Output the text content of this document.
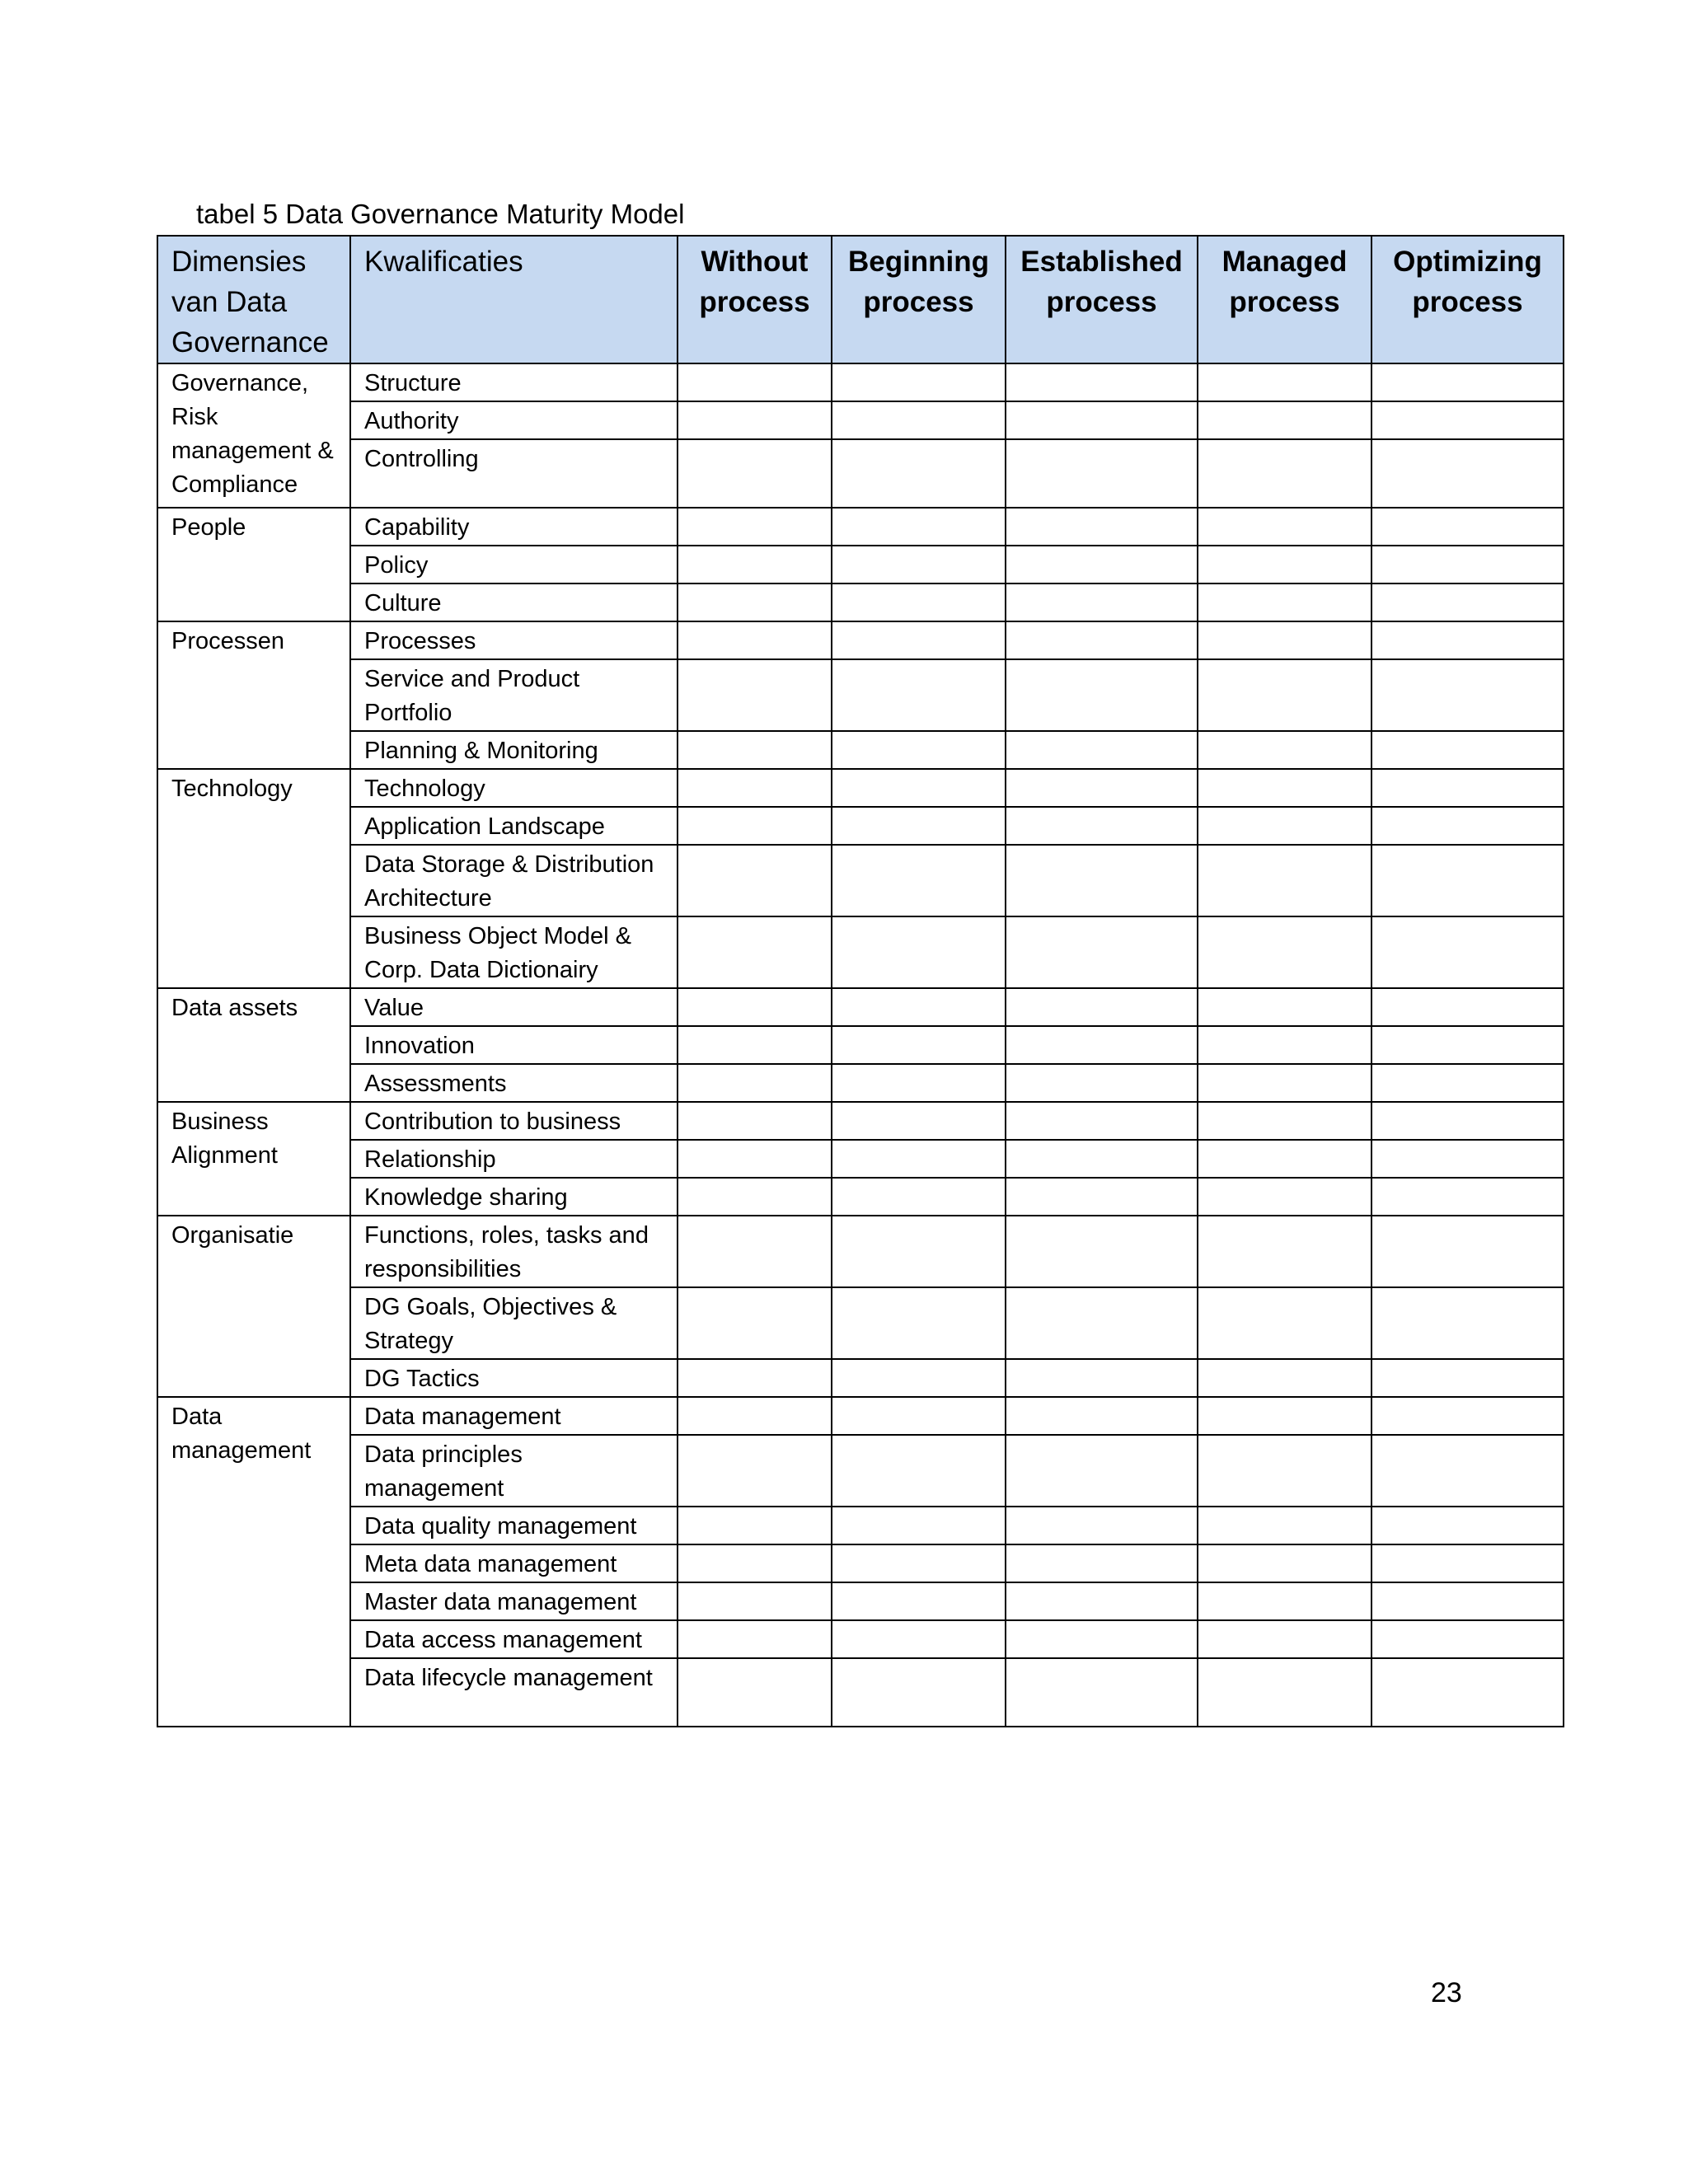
tabel 5 Data Governance Maturity Model
Dimensies van Data Governance	Kwalificaties	Without process	Beginning process	Established process	Managed process	Optimizing process
Governance, Risk management & Compliance	Structure					
	Authority					
	Controlling					
People	Capability					
	Policy					
	Culture					
Processen	Processes					
	Service and Product Portfolio					
	Planning & Monitoring					
Technology	Technology					
	Application Landscape					
	Data Storage & Distribution Architecture					
	Business Object Model & Corp. Data Dictionairy					
Data assets	Value					
	Innovation					
	Assessments					
Business Alignment	Contribution to business					
	Relationship					
	Knowledge sharing					
Organisatie	Functions, roles, tasks and responsibilities					
	DG Goals, Objectives & Strategy					
	DG Tactics					
Data management	Data management					
	Data principles management					
	Data quality management					
	Meta data management					
	Master data management					
	Data access management					
	Data lifecycle management					
23
